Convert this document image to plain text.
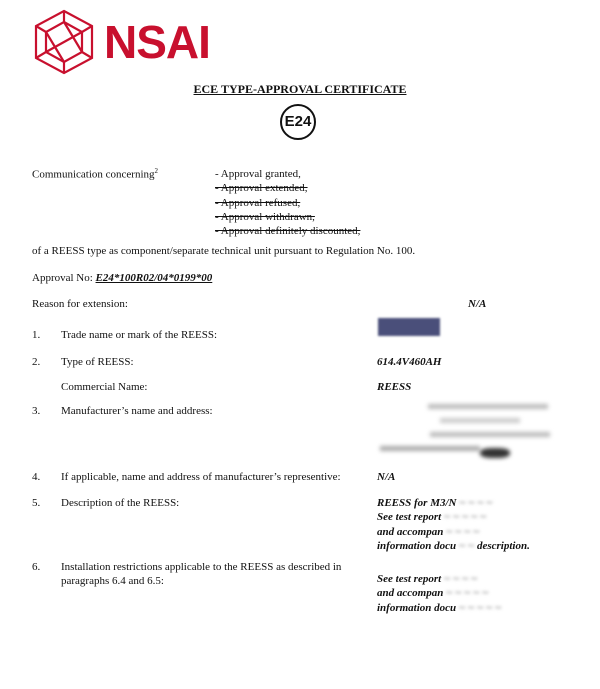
NSAI
ECE TYPE-APPROVAL CERTIFICATE
E24
Communication concerning$^2$	- Approval granted,
- Approval extended,
- Approval refused,
- Approval withdrawn,
- Approval definitely discounted,
of a REESS type as component/separate technical unit pursuant to Regulation No. 100.
Approval No: E24*100R02/04*0199*00
Reason for extension:	N/A
1. Trade name or mark of the REESS:
2. Type of REESS:	614.4V460AH
Commercial Name:	REESS
3. Manufacturer’s name and address:
4. If applicable, name and address of manufacturer’s representive:	N/A
5. Description of the REESS:	REESS for M3/N ~ ~ ~ ~
See test report ~ ~ ~ ~ ~
and accompan ~ ~ ~ ~
information docu ~ ~ description.
6. Installation restrictions applicable to the REESS as described in
paragraphs 6.4 and 6.5:	See test report ~ ~ ~ ~
and accompan ~ ~ ~ ~ ~
information docu ~ ~ ~ ~ ~
